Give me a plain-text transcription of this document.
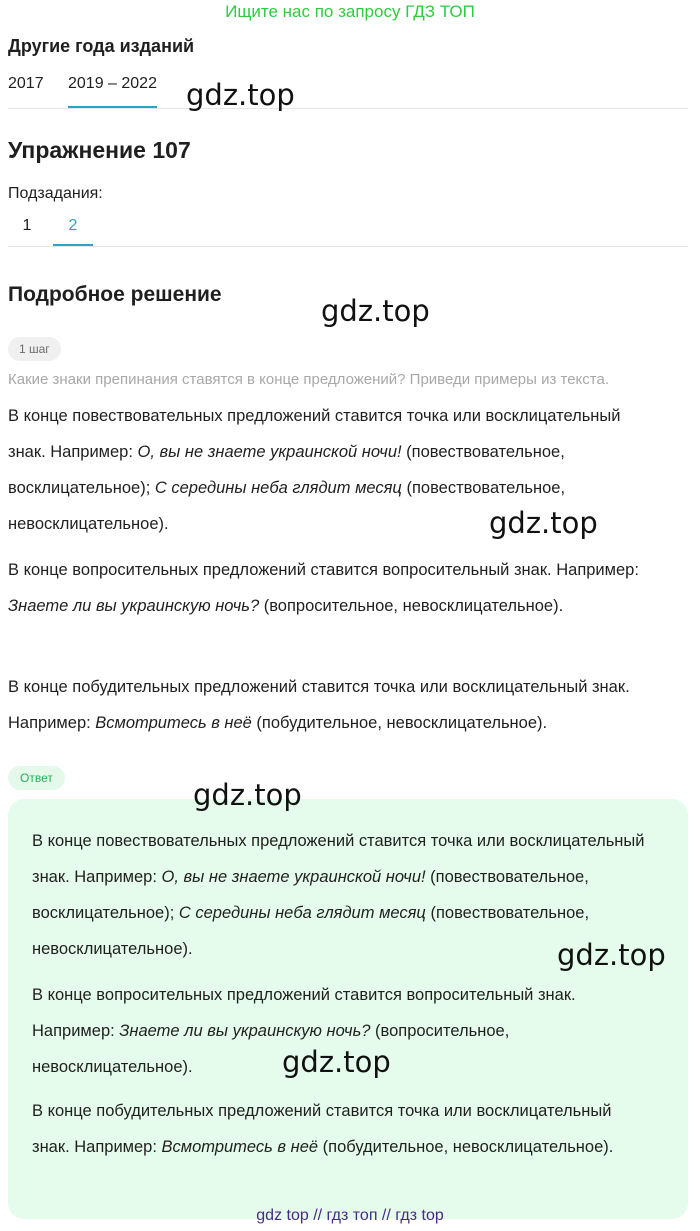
Ищите нас по запросу ГДЗ ТОП
Другие года изданий
2017 2019 – 2022
Упражнение 107
Подзадания:
1	2
Подробное решение
1 шаг
Какие знаки препинания ставятся в конце предложений? Приведи примеры из текста.
В конце повествовательных предложений ставится точка или восклицательный знак. Например: О, вы не знаете украинской ночи! (повествовательное, восклицательное); С середины неба глядит месяц (повествовательное, невосклицательное).
В конце вопросительных предложений ставится вопросительный знак. Например: Знаете ли вы украинскую ночь? (вопросительное, невосклицательное).
В конце побудительных предложений ставится точка или восклицательный знак. Например: Всмотритесь в неё (побудительное, невосклицательное).
Ответ
В конце повествовательных предложений ставится точка или восклицательный знак. Например: О, вы не знаете украинской ночи! (повествовательное, восклицательное); С середины неба глядит месяц (повествовательное, невосклицательное).
В конце вопросительных предложений ставится вопросительный знак. Например: Знаете ли вы украинскую ночь? (вопросительное, невосклицательное).
В конце побудительных предложений ставится точка или восклицательный знак. Например: Всмотритесь в неё (побудительное, невосклицательное).
gdz.top
gdz.top
gdz.top
gdz.top
gdz.top
gdz.top
gdz top // гдз топ // гдз top
